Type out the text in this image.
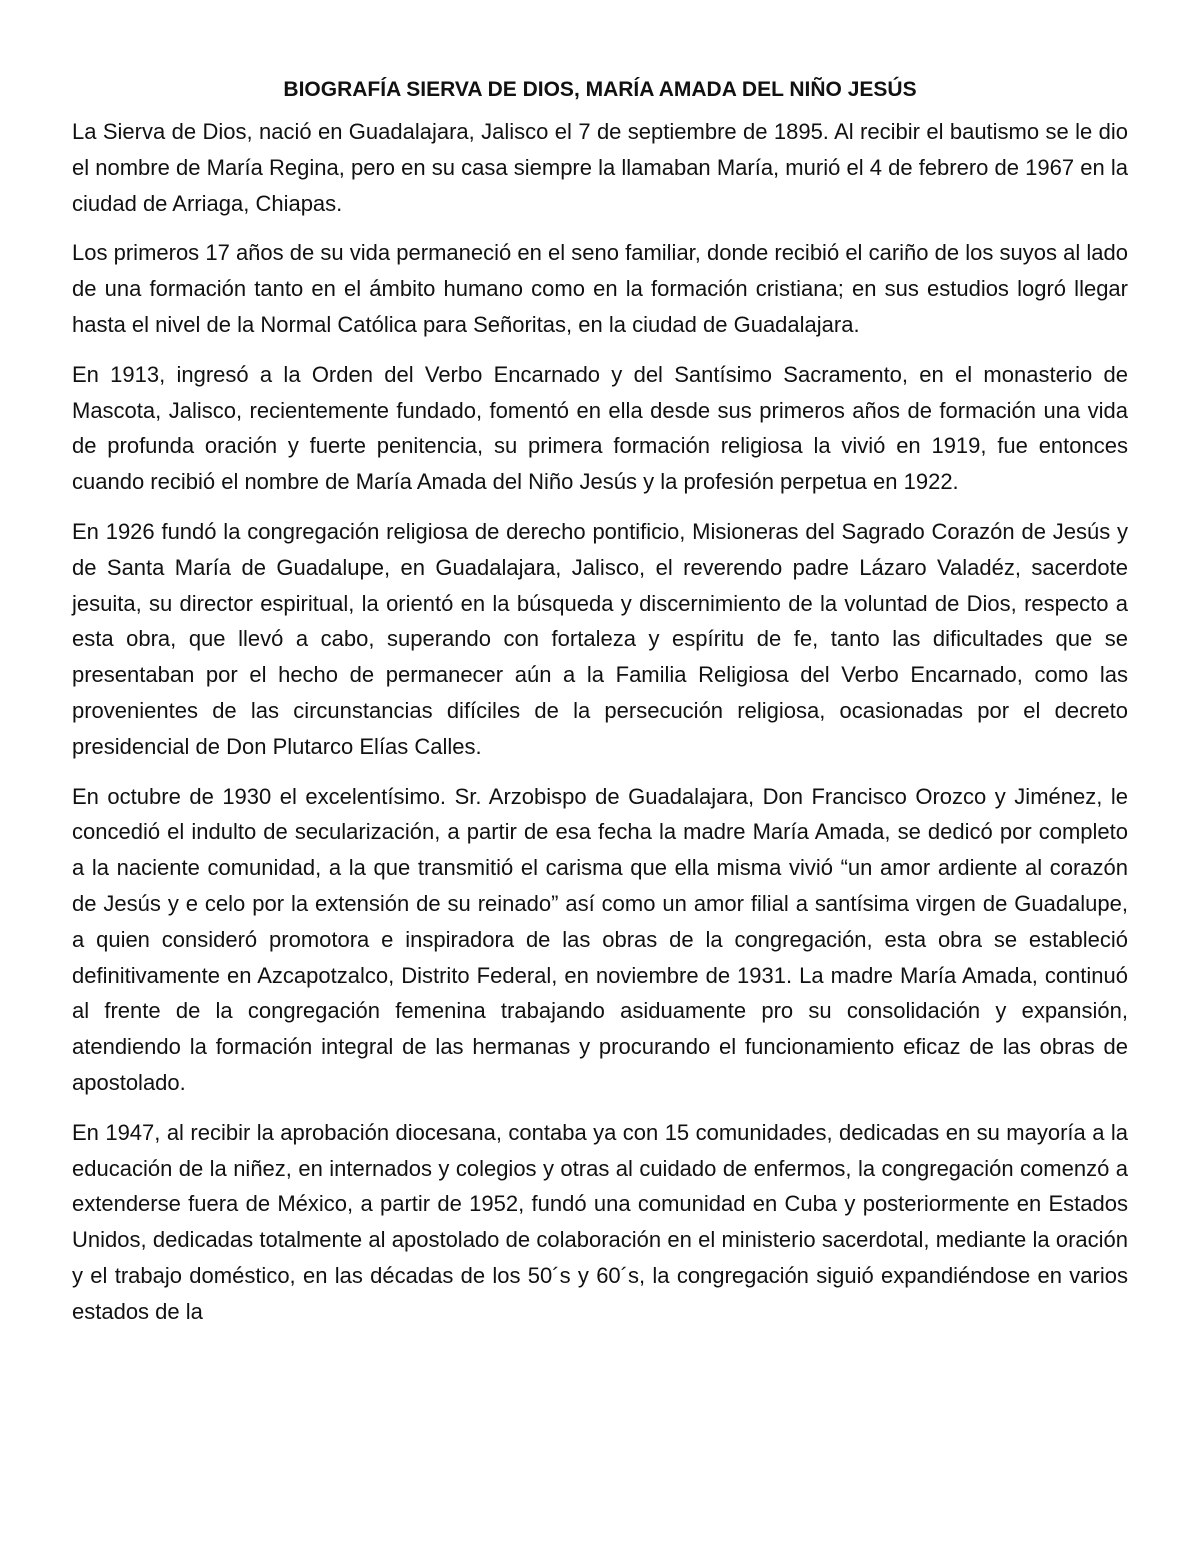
BIOGRAFÍA SIERVA DE DIOS, MARÍA AMADA DEL NIÑO JESÚS

La Sierva de Dios, nació en Guadalajara, Jalisco el 7 de septiembre de 1895. Al recibir el bautismo se le dio el nombre de María Regina, pero en su casa siempre la llamaban María, murió el 4 de febrero de 1967 en la ciudad de Arriaga, Chiapas.

Los primeros 17 años de su vida permaneció en el seno familiar, donde recibió el cariño de los suyos al lado de una formación tanto en el ámbito humano como en la formación cristiana; en sus estudios logró llegar hasta el nivel de la Normal Católica para Señoritas, en la ciudad de Guadalajara.

En 1913, ingresó a la Orden del Verbo Encarnado y del Santísimo Sacramento, en el monasterio de Mascota, Jalisco, recientemente fundado, fomentó en ella desde sus primeros años de formación una vida de profunda oración y fuerte penitencia, su primera formación religiosa la vivió en 1919, fue entonces cuando recibió el nombre de María Amada del Niño Jesús y la profesión perpetua en 1922.

En 1926 fundó la congregación religiosa de derecho pontificio, Misioneras del Sagrado Corazón de Jesús y de Santa María de Guadalupe, en Guadalajara, Jalisco, el reverendo padre Lázaro Valadéz, sacerdote jesuita, su director espiritual, la orientó en la búsqueda y discernimiento de la voluntad de Dios, respecto a esta obra, que llevó a cabo, superando con fortaleza y espíritu de fe, tanto las dificultades que se presentaban por el hecho de permanecer aún a la Familia Religiosa del Verbo Encarnado, como las provenientes de las circunstancias difíciles de la persecución religiosa, ocasionadas por el decreto presidencial de Don Plutarco Elías Calles.

En octubre de 1930 el excelentísimo. Sr. Arzobispo de Guadalajara, Don Francisco Orozco y Jiménez, le concedió el indulto de secularización, a partir de esa fecha la madre María Amada, se dedicó por completo a la naciente comunidad, a la que transmitió el carisma que ella misma vivió “un amor ardiente al corazón de Jesús y e celo por la extensión de su reinado” así como un amor filial a santísima virgen de Guadalupe, a quien consideró promotora e inspiradora de las obras de la congregación, esta obra se estableció definitivamente en Azcapotzalco, Distrito Federal, en noviembre de 1931. La madre María Amada, continuó al frente de la congregación femenina trabajando asiduamente pro su consolidación y expansión, atendiendo la formación integral de las hermanas y procurando el funcionamiento eficaz de las obras de apostolado.

En 1947, al recibir la aprobación diocesana, contaba ya con 15 comunidades, dedicadas en su mayoría a la educación de la niñez, en internados y colegios y otras al cuidado de enfermos, la congregación comenzó a extenderse fuera de México, a partir de 1952, fundó una comunidad en Cuba y posteriormente en Estados Unidos, dedicadas totalmente al apostolado de colaboración en el ministerio sacerdotal, mediante la oración y el trabajo doméstico, en las décadas de los 50´s y 60´s, la congregación siguió expandiéndose en varios estados de la
